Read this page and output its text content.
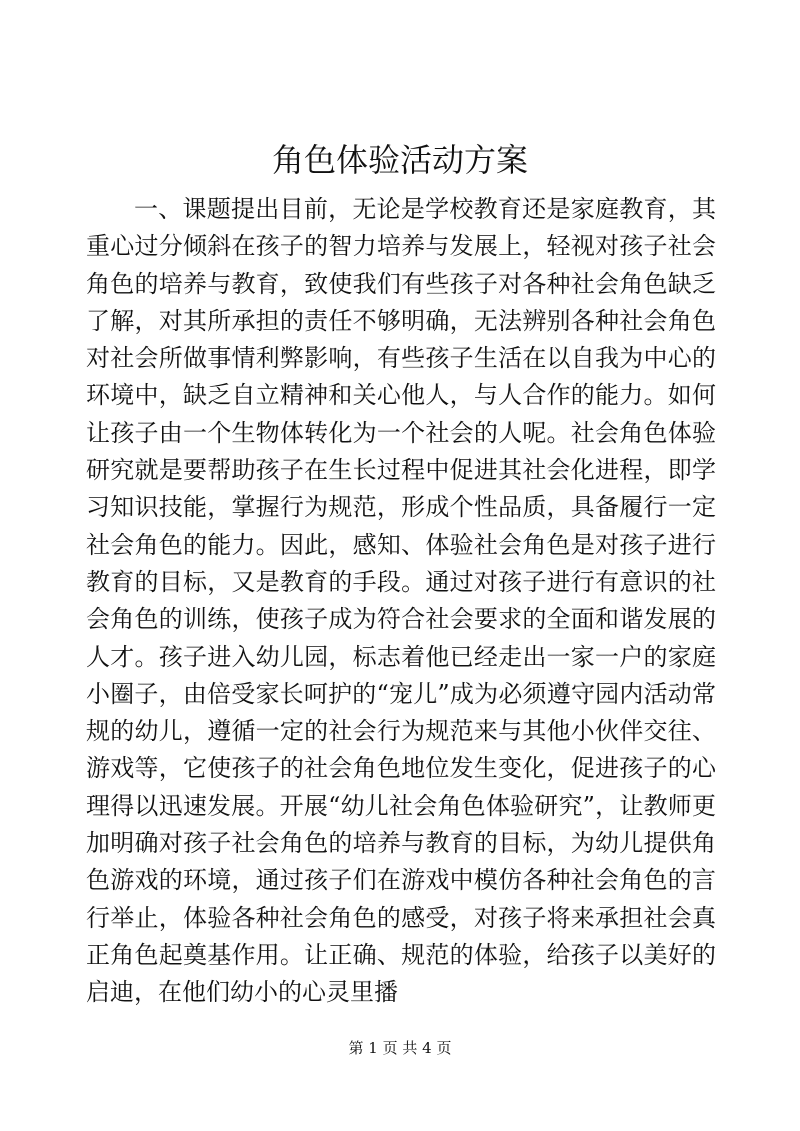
角色体验活动方案

一、课题提出目前，无论是学校教育还是家庭教育，其重心过分倾斜在孩子的智力培养与发展上，轻视对孩子社会角色的培养与教育，致使我们有些孩子对各种社会角色缺乏了解，对其所承担的责任不够明确，无法辨别各种社会角色对社会所做事情利弊影响，有些孩子生活在以自我为中心的环境中，缺乏自立精神和关心他人，与人合作的能力。如何让孩子由一个生物体转化为一个社会的人呢。社会角色体验研究就是要帮助孩子在生长过程中促进其社会化进程，即学习知识技能，掌握行为规范，形成个性品质，具备履行一定社会角色的能力。因此，感知、体验社会角色是对孩子进行教育的目标，又是教育的手段。通过对孩子进行有意识的社会角色的训练，使孩子成为符合社会要求的全面和谐发展的人才。孩子进入幼儿园，标志着他已经走出一家一户的家庭小圈子，由倍受家长呵护的“宠儿”成为必须遵守园内活动常规的幼儿，遵循一定的社会行为规范来与其他小伙伴交往、游戏等，它使孩子的社会角色地位发生变化，促进孩子的心理得以迅速发展。开展“幼儿社会角色体验研究”，让教师更加明确对孩子社会角色的培养与教育的目标，为幼儿提供角色游戏的环境，通过孩子们在游戏中模仿各种社会角色的言行举止，体验各种社会角色的感受，对孩子将来承担社会真正角色起奠基作用。让正确、规范的体验，给孩子以美好的启迪，在他们幼小的心灵里播

第 1 页 共 4 页
